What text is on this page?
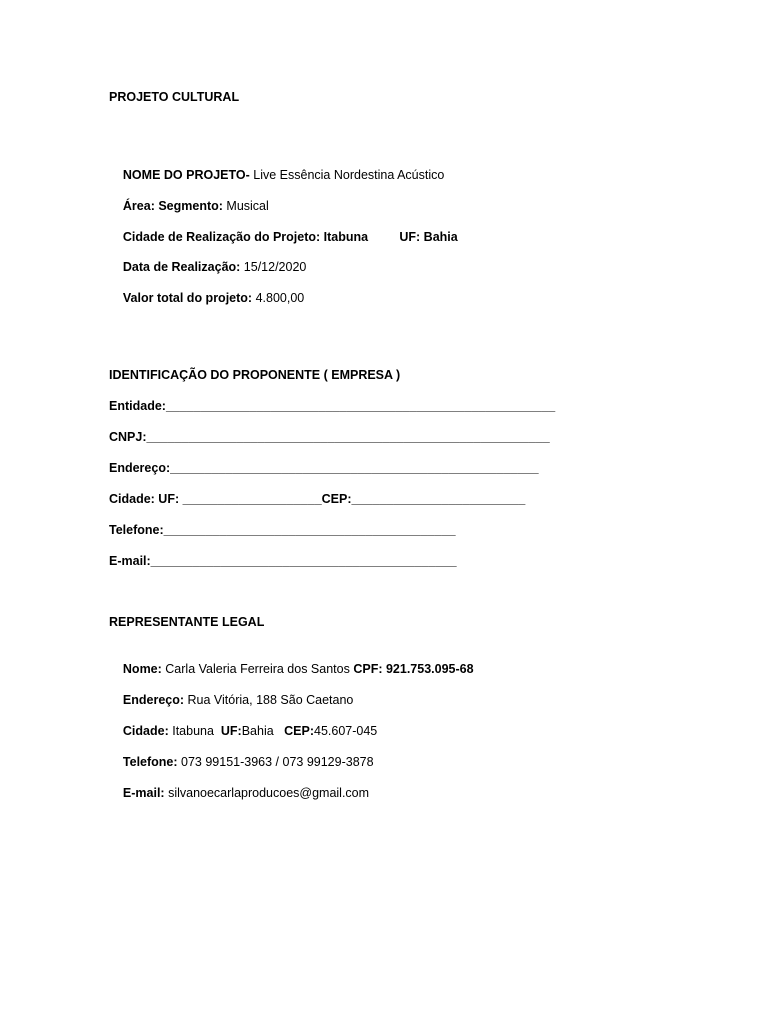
PROJETO CULTURAL

NOME DO PROJETO- Live Essência Nordestina Acústico

Área: Segmento: Musical

Cidade de Realização do Projeto: Itabuna         UF: Bahia

Data de Realização: 15/12/2020

Valor total do projeto: 4.800,00

IDENTIFICAÇÃO DO PROPONENTE ( EMPRESA )
Entidade:________________________________________________________
CNPJ:__________________________________________________________
Endereço:_____________________________________________________
Cidade: UF: ____________________CEP:_________________________
Telefone:__________________________________________
E-mail:____________________________________________
REPRESENTANTE LEGAL

Nome: Carla Valeria Ferreira dos Santos CPF: 921.753.095-68

Endereço: Rua Vitória, 188 São Caetano

Cidade: Itabuna  UF:Bahia   CEP:45.607-045

Telefone: 073 99151-3963 / 073 99129-3878

E-mail: silvanoecarlaproducoes@gmail.com
